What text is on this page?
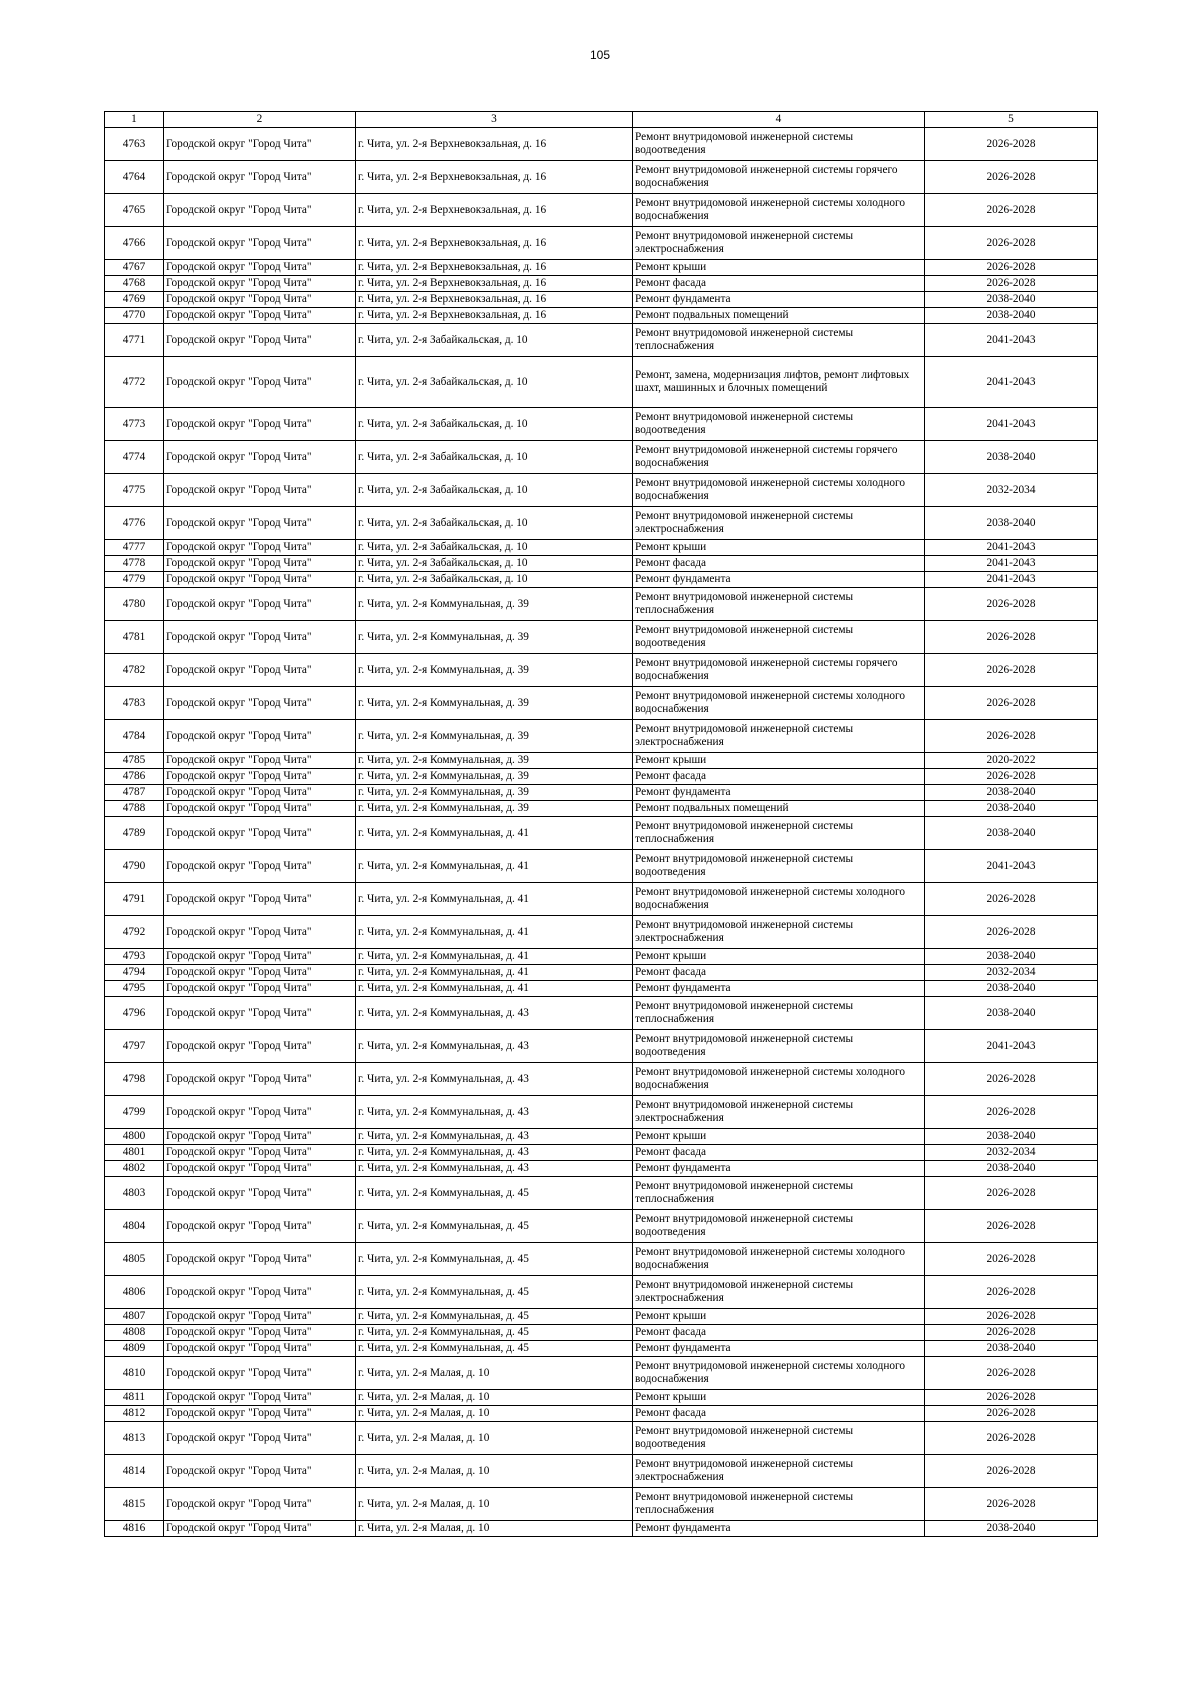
105
1	2	3	4	5
4763	Городской округ "Город Чита"	г. Чита, ул. 2-я Верхневокзальная, д. 16	Ремонт внутридомовой инженерной системы водоотведения	2026-2028
4764	Городской округ "Город Чита"	г. Чита, ул. 2-я Верхневокзальная, д. 16	Ремонт внутридомовой инженерной системы горячего водоснабжения	2026-2028
4765	Городской округ "Город Чита"	г. Чита, ул. 2-я Верхневокзальная, д. 16	Ремонт внутридомовой инженерной системы холодного водоснабжения	2026-2028
4766	Городской округ "Город Чита"	г. Чита, ул. 2-я Верхневокзальная, д. 16	Ремонт внутридомовой инженерной системы электроснабжения	2026-2028
4767	Городской округ "Город Чита"	г. Чита, ул. 2-я Верхневокзальная, д. 16	Ремонт крыши	2026-2028
4768	Городской округ "Город Чита"	г. Чита, ул. 2-я Верхневокзальная, д. 16	Ремонт фасада	2026-2028
4769	Городской округ "Город Чита"	г. Чита, ул. 2-я Верхневокзальная, д. 16	Ремонт фундамента	2038-2040
4770	Городской округ "Город Чита"	г. Чита, ул. 2-я Верхневокзальная, д. 16	Ремонт подвальных помещений	2038-2040
4771	Городской округ "Город Чита"	г. Чита, ул. 2-я Забайкальская, д. 10	Ремонт внутридомовой инженерной системы теплоснабжения	2041-2043
4772	Городской округ "Город Чита"	г. Чита, ул. 2-я Забайкальская, д. 10	Ремонт, замена, модернизация лифтов, ремонт лифтовых шахт, машинных и блочных помещений	2041-2043
4773	Городской округ "Город Чита"	г. Чита, ул. 2-я Забайкальская, д. 10	Ремонт внутридомовой инженерной системы водоотведения	2041-2043
4774	Городской округ "Город Чита"	г. Чита, ул. 2-я Забайкальская, д. 10	Ремонт внутридомовой инженерной системы горячего водоснабжения	2038-2040
4775	Городской округ "Город Чита"	г. Чита, ул. 2-я Забайкальская, д. 10	Ремонт внутридомовой инженерной системы холодного водоснабжения	2032-2034
4776	Городской округ "Город Чита"	г. Чита, ул. 2-я Забайкальская, д. 10	Ремонт внутридомовой инженерной системы электроснабжения	2038-2040
4777	Городской округ "Город Чита"	г. Чита, ул. 2-я Забайкальская, д. 10	Ремонт крыши	2041-2043
4778	Городской округ "Город Чита"	г. Чита, ул. 2-я Забайкальская, д. 10	Ремонт фасада	2041-2043
4779	Городской округ "Город Чита"	г. Чита, ул. 2-я Забайкальская, д. 10	Ремонт фундамента	2041-2043
4780	Городской округ "Город Чита"	г. Чита, ул. 2-я Коммунальная, д. 39	Ремонт внутридомовой инженерной системы теплоснабжения	2026-2028
4781	Городской округ "Город Чита"	г. Чита, ул. 2-я Коммунальная, д. 39	Ремонт внутридомовой инженерной системы водоотведения	2026-2028
4782	Городской округ "Город Чита"	г. Чита, ул. 2-я Коммунальная, д. 39	Ремонт внутридомовой инженерной системы горячего водоснабжения	2026-2028
4783	Городской округ "Город Чита"	г. Чита, ул. 2-я Коммунальная, д. 39	Ремонт внутридомовой инженерной системы холодного водоснабжения	2026-2028
4784	Городской округ "Город Чита"	г. Чита, ул. 2-я Коммунальная, д. 39	Ремонт внутридомовой инженерной системы электроснабжения	2026-2028
4785	Городской округ "Город Чита"	г. Чита, ул. 2-я Коммунальная, д. 39	Ремонт крыши	2020-2022
4786	Городской округ "Город Чита"	г. Чита, ул. 2-я Коммунальная, д. 39	Ремонт фасада	2026-2028
4787	Городской округ "Город Чита"	г. Чита, ул. 2-я Коммунальная, д. 39	Ремонт фундамента	2038-2040
4788	Городской округ "Город Чита"	г. Чита, ул. 2-я Коммунальная, д. 39	Ремонт подвальных помещений	2038-2040
4789	Городской округ "Город Чита"	г. Чита, ул. 2-я Коммунальная, д. 41	Ремонт внутридомовой инженерной системы теплоснабжения	2038-2040
4790	Городской округ "Город Чита"	г. Чита, ул. 2-я Коммунальная, д. 41	Ремонт внутридомовой инженерной системы водоотведения	2041-2043
4791	Городской округ "Город Чита"	г. Чита, ул. 2-я Коммунальная, д. 41	Ремонт внутридомовой инженерной системы холодного водоснабжения	2026-2028
4792	Городской округ "Город Чита"	г. Чита, ул. 2-я Коммунальная, д. 41	Ремонт внутридомовой инженерной системы электроснабжения	2026-2028
4793	Городской округ "Город Чита"	г. Чита, ул. 2-я Коммунальная, д. 41	Ремонт крыши	2038-2040
4794	Городской округ "Город Чита"	г. Чита, ул. 2-я Коммунальная, д. 41	Ремонт фасада	2032-2034
4795	Городской округ "Город Чита"	г. Чита, ул. 2-я Коммунальная, д. 41	Ремонт фундамента	2038-2040
4796	Городской округ "Город Чита"	г. Чита, ул. 2-я Коммунальная, д. 43	Ремонт внутридомовой инженерной системы теплоснабжения	2038-2040
4797	Городской округ "Город Чита"	г. Чита, ул. 2-я Коммунальная, д. 43	Ремонт внутридомовой инженерной системы водоотведения	2041-2043
4798	Городской округ "Город Чита"	г. Чита, ул. 2-я Коммунальная, д. 43	Ремонт внутридомовой инженерной системы холодного водоснабжения	2026-2028
4799	Городской округ "Город Чита"	г. Чита, ул. 2-я Коммунальная, д. 43	Ремонт внутридомовой инженерной системы электроснабжения	2026-2028
4800	Городской округ "Город Чита"	г. Чита, ул. 2-я Коммунальная, д. 43	Ремонт крыши	2038-2040
4801	Городской округ "Город Чита"	г. Чита, ул. 2-я Коммунальная, д. 43	Ремонт фасада	2032-2034
4802	Городской округ "Город Чита"	г. Чита, ул. 2-я Коммунальная, д. 43	Ремонт фундамента	2038-2040
4803	Городской округ "Город Чита"	г. Чита, ул. 2-я Коммунальная, д. 45	Ремонт внутридомовой инженерной системы теплоснабжения	2026-2028
4804	Городской округ "Город Чита"	г. Чита, ул. 2-я Коммунальная, д. 45	Ремонт внутридомовой инженерной системы водоотведения	2026-2028
4805	Городской округ "Город Чита"	г. Чита, ул. 2-я Коммунальная, д. 45	Ремонт внутридомовой инженерной системы холодного водоснабжения	2026-2028
4806	Городской округ "Город Чита"	г. Чита, ул. 2-я Коммунальная, д. 45	Ремонт внутридомовой инженерной системы электроснабжения	2026-2028
4807	Городской округ "Город Чита"	г. Чита, ул. 2-я Коммунальная, д. 45	Ремонт крыши	2026-2028
4808	Городской округ "Город Чита"	г. Чита, ул. 2-я Коммунальная, д. 45	Ремонт фасада	2026-2028
4809	Городской округ "Город Чита"	г. Чита, ул. 2-я Коммунальная, д. 45	Ремонт фундамента	2038-2040
4810	Городской округ "Город Чита"	г. Чита, ул. 2-я Малая, д. 10	Ремонт внутридомовой инженерной системы холодного водоснабжения	2026-2028
4811	Городской округ "Город Чита"	г. Чита, ул. 2-я Малая, д. 10	Ремонт крыши	2026-2028
4812	Городской округ "Город Чита"	г. Чита, ул. 2-я Малая, д. 10	Ремонт фасада	2026-2028
4813	Городской округ "Город Чита"	г. Чита, ул. 2-я Малая, д. 10	Ремонт внутридомовой инженерной системы водоотведения	2026-2028
4814	Городской округ "Город Чита"	г. Чита, ул. 2-я Малая, д. 10	Ремонт внутридомовой инженерной системы электроснабжения	2026-2028
4815	Городской округ "Город Чита"	г. Чита, ул. 2-я Малая, д. 10	Ремонт внутридомовой инженерной системы теплоснабжения	2026-2028
4816	Городской округ "Город Чита"	г. Чита, ул. 2-я Малая, д. 10	Ремонт фундамента	2038-2040
